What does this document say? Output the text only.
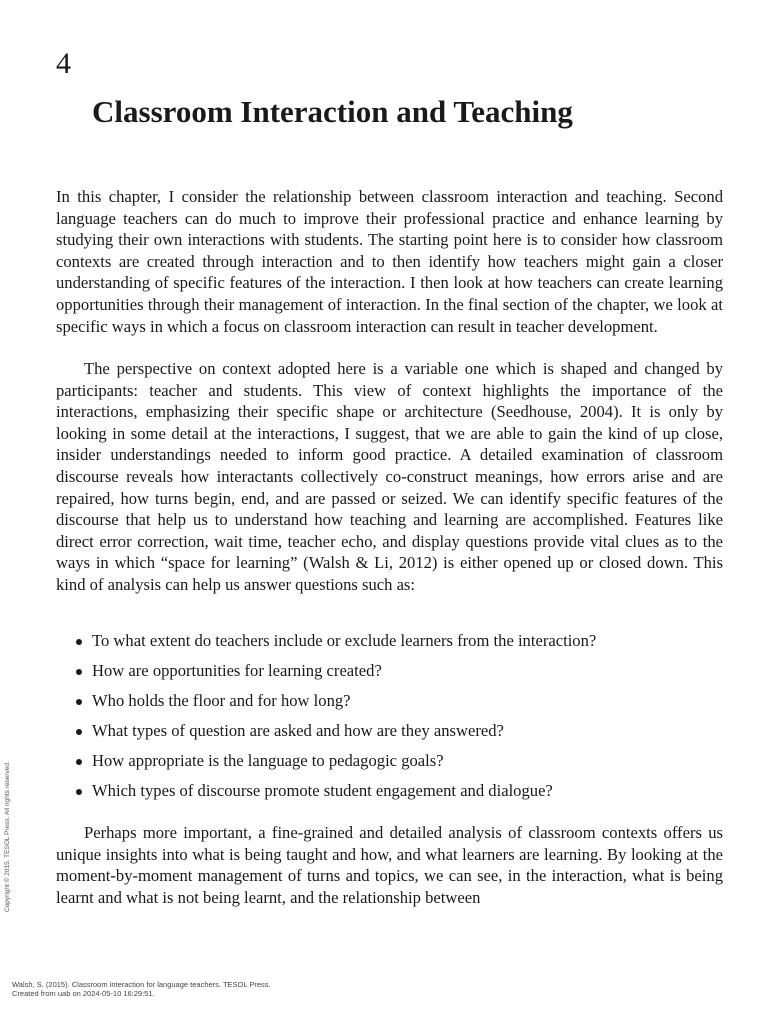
4
Classroom Interaction and Teaching

In this chapter, I consider the relationship between classroom interaction and teaching. Second language teachers can do much to improve their professional practice and enhance learning by studying their own interactions with students. The starting point here is to consider how classroom contexts are created through interaction and to then identify how teachers might gain a closer understanding of specific features of the interaction. I then look at how teachers can create learning opportunities through their management of interaction. In the final section of the chapter, we look at specific ways in which a focus on classroom interaction can result in teacher development.

The perspective on context adopted here is a variable one which is shaped and changed by participants: teacher and students. This view of context highlights the importance of the interactions, emphasizing their specific shape or architecture (Seedhouse, 2004). It is only by looking in some detail at the interactions, I suggest, that we are able to gain the kind of up close, insider understandings needed to inform good practice. A detailed examination of classroom discourse reveals how interactants collectively co-construct meanings, how errors arise and are repaired, how turns begin, end, and are passed or seized. We can identify specific features of the discourse that help us to understand how teaching and learning are accomplished. Features like direct error correction, wait time, teacher echo, and display questions provide vital clues as to the ways in which “space for learning” (Walsh & Li, 2012) is either opened up or closed down. This kind of analysis can help us answer questions such as:

To what extent do teachers include or exclude learners from the interaction?
How are opportunities for learning created?
Who holds the floor and for how long?
What types of question are asked and how are they answered?
How appropriate is the language to pedagogic goals?
Which types of discourse promote student engagement and dialogue?

Perhaps more important, a fine-grained and detailed analysis of classroom contexts offers us unique insights into what is being taught and how, and what learners are learning. By looking at the moment-by-moment management of turns and topics, we can see, in the interaction, what is being learnt and what is not being learnt, and the relationship between

Copyright © 2015. TESOL Press. All rights reserved.
Walsh, S. (2015). Classroom interaction for language teachers. TESOL Press.
Created from uab on 2024-05-10 16:29:51.
